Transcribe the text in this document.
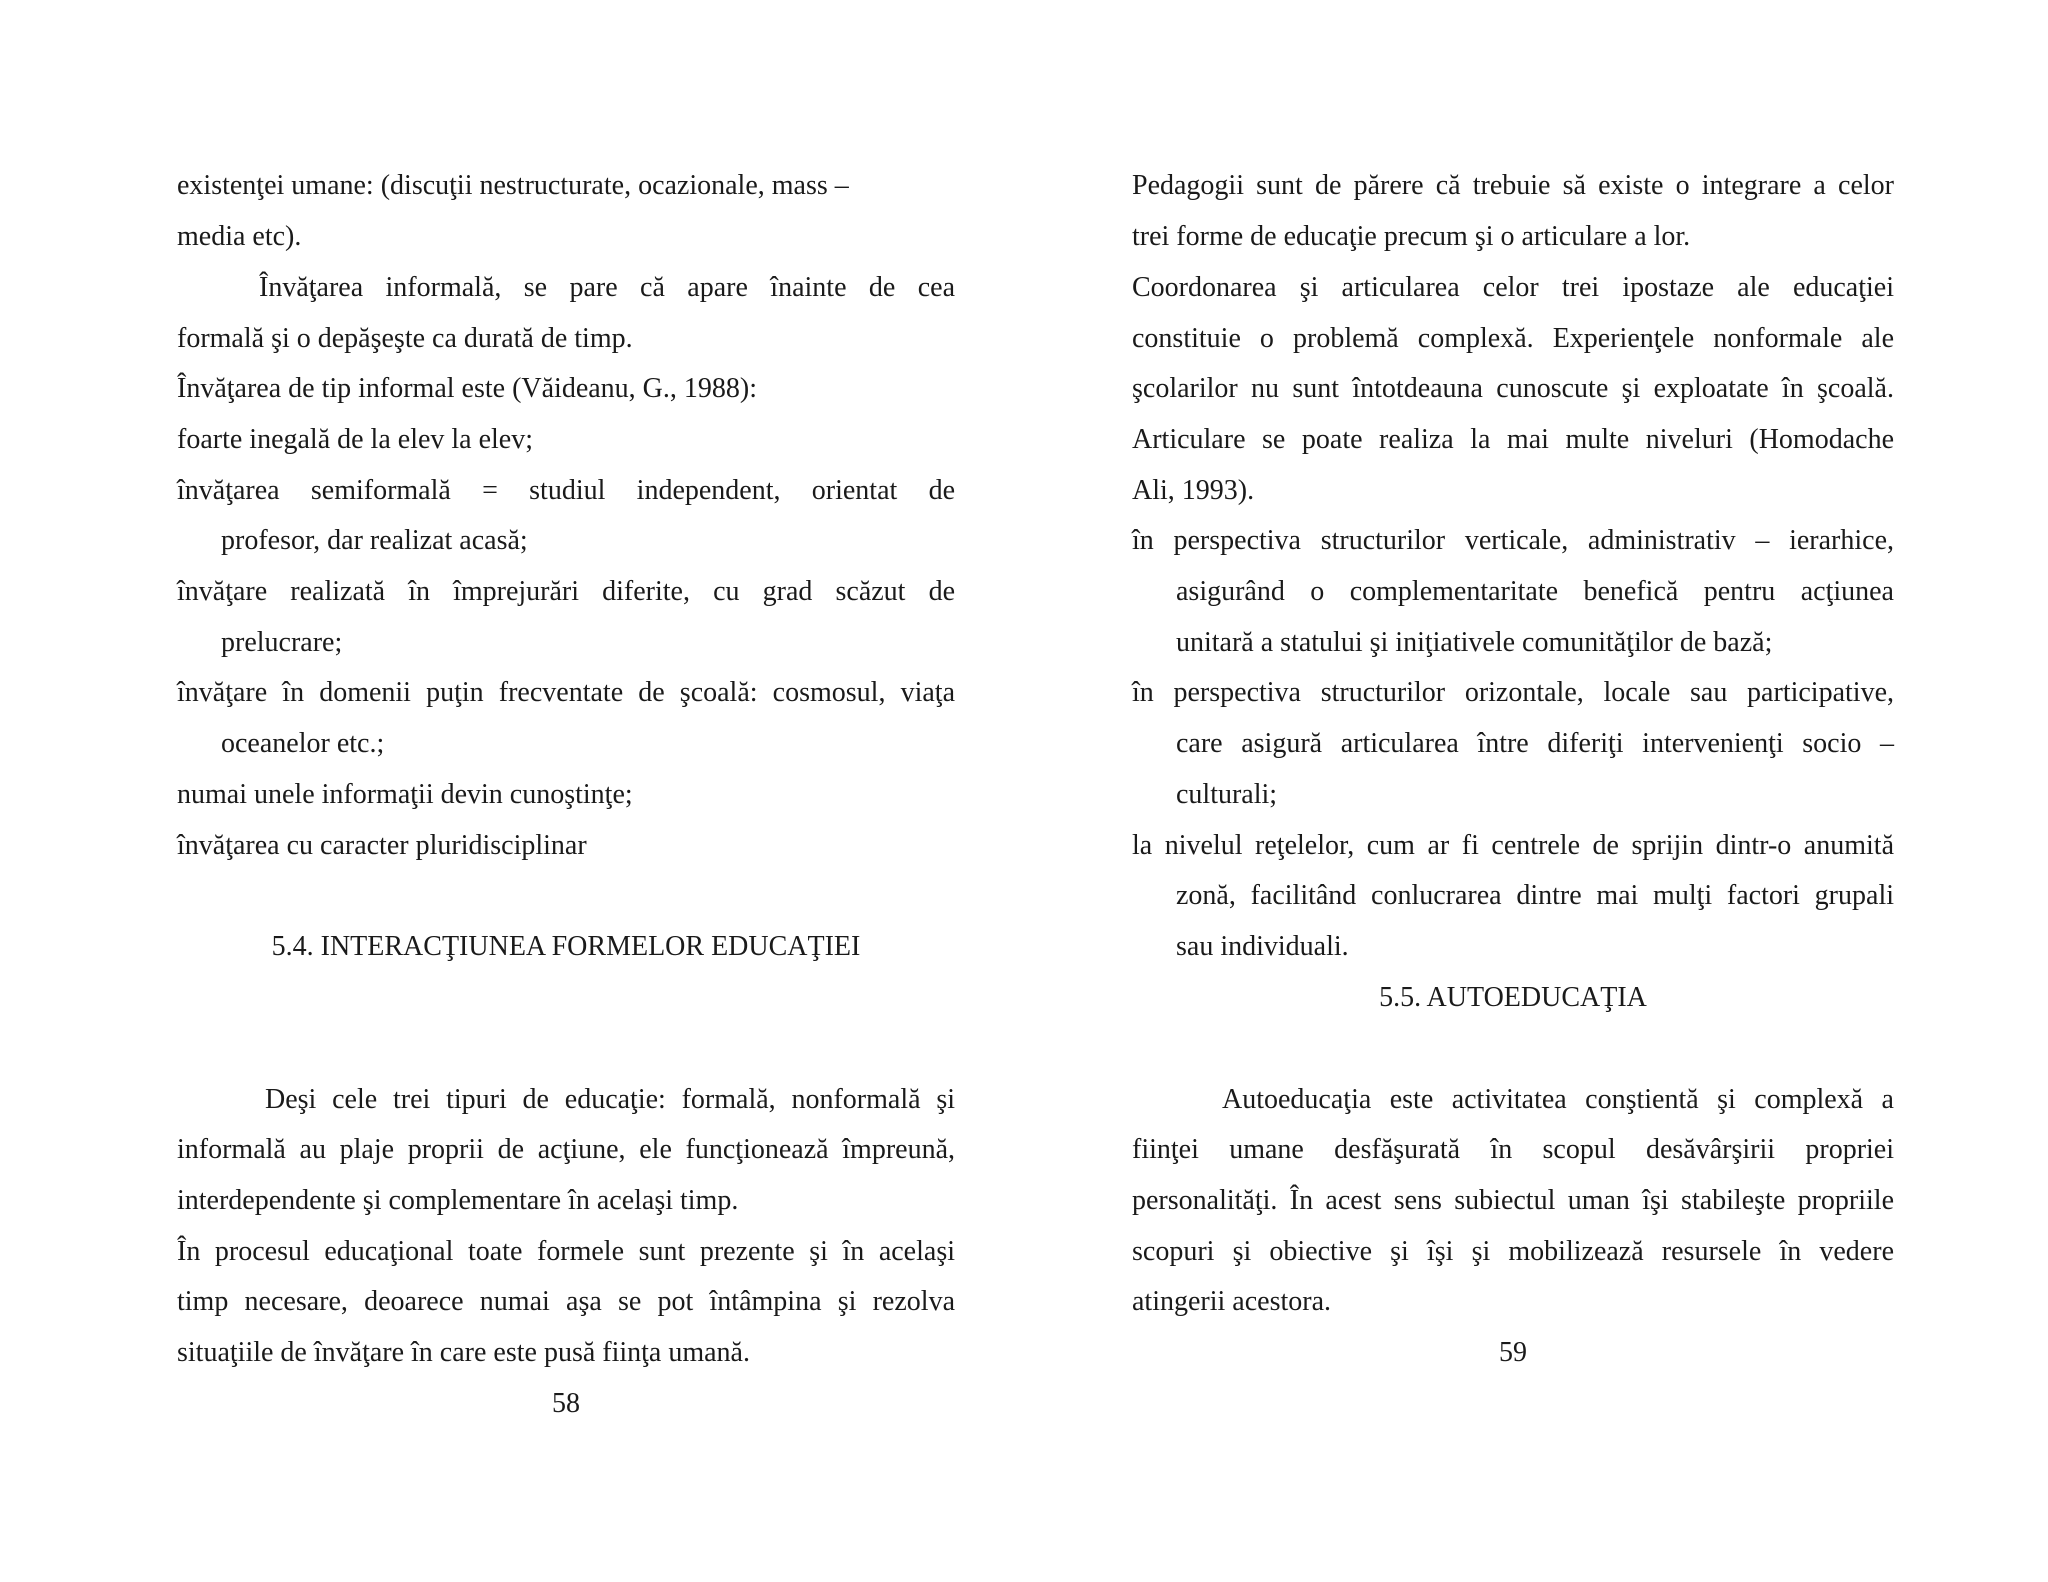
existenţei umane: (discuţii nestructurate, ocazionale, mass –
media etc).
Învăţarea informală, se pare că apare înainte de cea
formală şi o depăşeşte ca durată de timp.
Învăţarea de tip informal este (Văideanu, G., 1988):
foarte inegală de la elev la elev;
învăţarea semiformală = studiul independent, orientat de
profesor, dar realizat acasă;
învăţare realizată în împrejurări diferite, cu grad scăzut de
prelucrare;
învăţare în domenii puţin frecventate de şcoală: cosmosul, viaţa
oceanelor etc.;
numai unele informaţii devin cunoştinţe;
învăţarea cu caracter pluridisciplinar
5.4. INTERACŢIUNEA FORMELOR EDUCAŢIEI
Deşi cele trei tipuri de educaţie: formală, nonformală şi
informală au plaje proprii de acţiune, ele funcţionează împreună,
interdependente şi complementare în acelaşi timp.
În procesul educaţional toate formele sunt prezente şi în acelaşi
timp necesare, deoarece numai aşa se pot întâmpina şi rezolva
situaţiile de învăţare în care este pusă fiinţa umană.
58
Pedagogii sunt de părere că trebuie să existe o integrare a celor
trei forme de educaţie precum şi o articulare a lor.
Coordonarea şi articularea celor trei ipostaze ale educaţiei
constituie o problemă complexă. Experienţele nonformale ale
şcolarilor nu sunt întotdeauna cunoscute şi exploatate în şcoală.
Articulare se poate realiza la mai multe niveluri (Homodache
Ali, 1993).
în perspectiva structurilor verticale, administrativ – ierarhice,
asigurând o complementaritate benefică pentru acţiunea
unitară a statului şi iniţiativele comunităţilor de bază;
în perspectiva structurilor orizontale, locale sau participative,
care asigură articularea între diferiţi intervenienţi socio –
culturali;
la nivelul reţelelor, cum ar fi centrele de sprijin dintr-o anumită
zonă, facilitând conlucrarea dintre mai mulţi factori grupali
sau individuali.
5.5. AUTOEDUCAŢIA
Autoeducaţia este activitatea conştientă şi complexă a
fiinţei umane desfăşurată în scopul desăvârşirii propriei
personalităţi. În acest sens subiectul uman îşi stabileşte propriile
scopuri şi obiective şi îşi şi mobilizează resursele în vedere
atingerii acestora.
59
